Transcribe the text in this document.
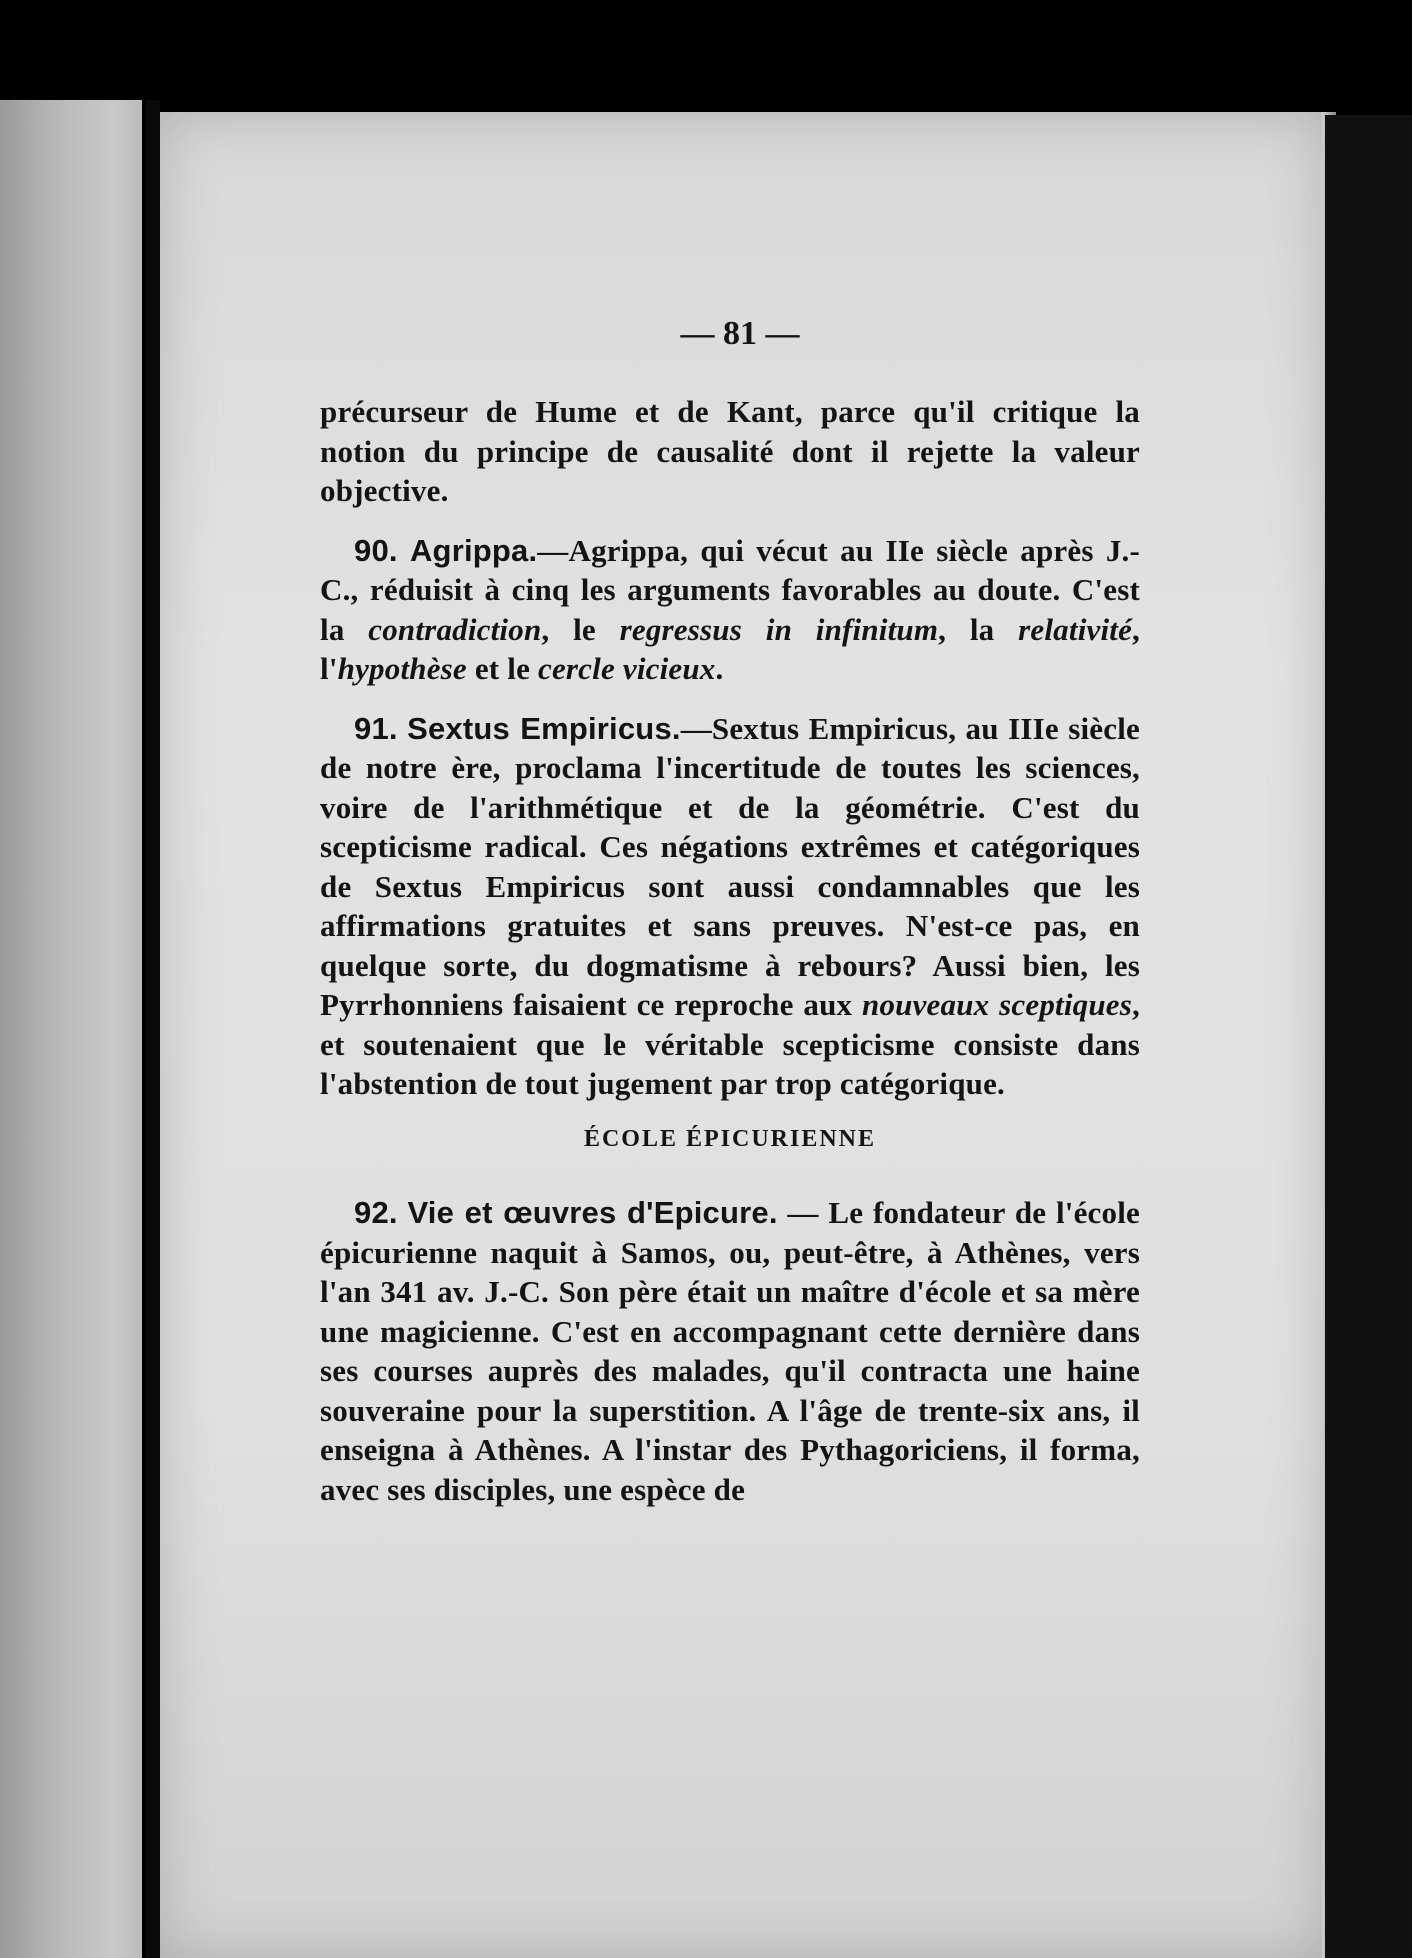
— 81 —

précurseur de Hume et de Kant, parce qu'il critique la notion du principe de causalité dont il rejette la valeur objective.

90. Agrippa.—Agrippa, qui vécut au IIe siècle après J.-C., réduisit à cinq les arguments favorables au doute. C'est la contradiction, le regressus in infinitum, la relativité, l'hypothèse et le cercle vicieux.

91. Sextus Empiricus.—Sextus Empiricus, au IIIe siècle de notre ère, proclama l'incertitude de toutes les sciences, voire de l'arithmétique et de la géométrie. C'est du scepticisme radical. Ces négations extrêmes et catégoriques de Sextus Empiricus sont aussi condamnables que les affirmations gratuites et sans preuves. N'est-ce pas, en quelque sorte, du dogmatisme à rebours? Aussi bien, les Pyrrhonniens faisaient ce reproche aux nouveaux sceptiques, et soutenaient que le véritable scepticisme consiste dans l'abstention de tout jugement par trop catégorique.

ÉCOLE ÉPICURIENNE

92. Vie et œuvres d'Epicure. — Le fondateur de l'école épicurienne naquit à Samos, ou, peut-être, à Athènes, vers l'an 341 av. J.-C. Son père était un maître d'école et sa mère une magicienne. C'est en accompagnant cette dernière dans ses courses auprès des malades, qu'il contracta une haine souveraine pour la superstition. A l'âge de trente-six ans, il enseigna à Athènes. A l'instar des Pythagoriciens, il forma, avec ses disciples, une espèce de
